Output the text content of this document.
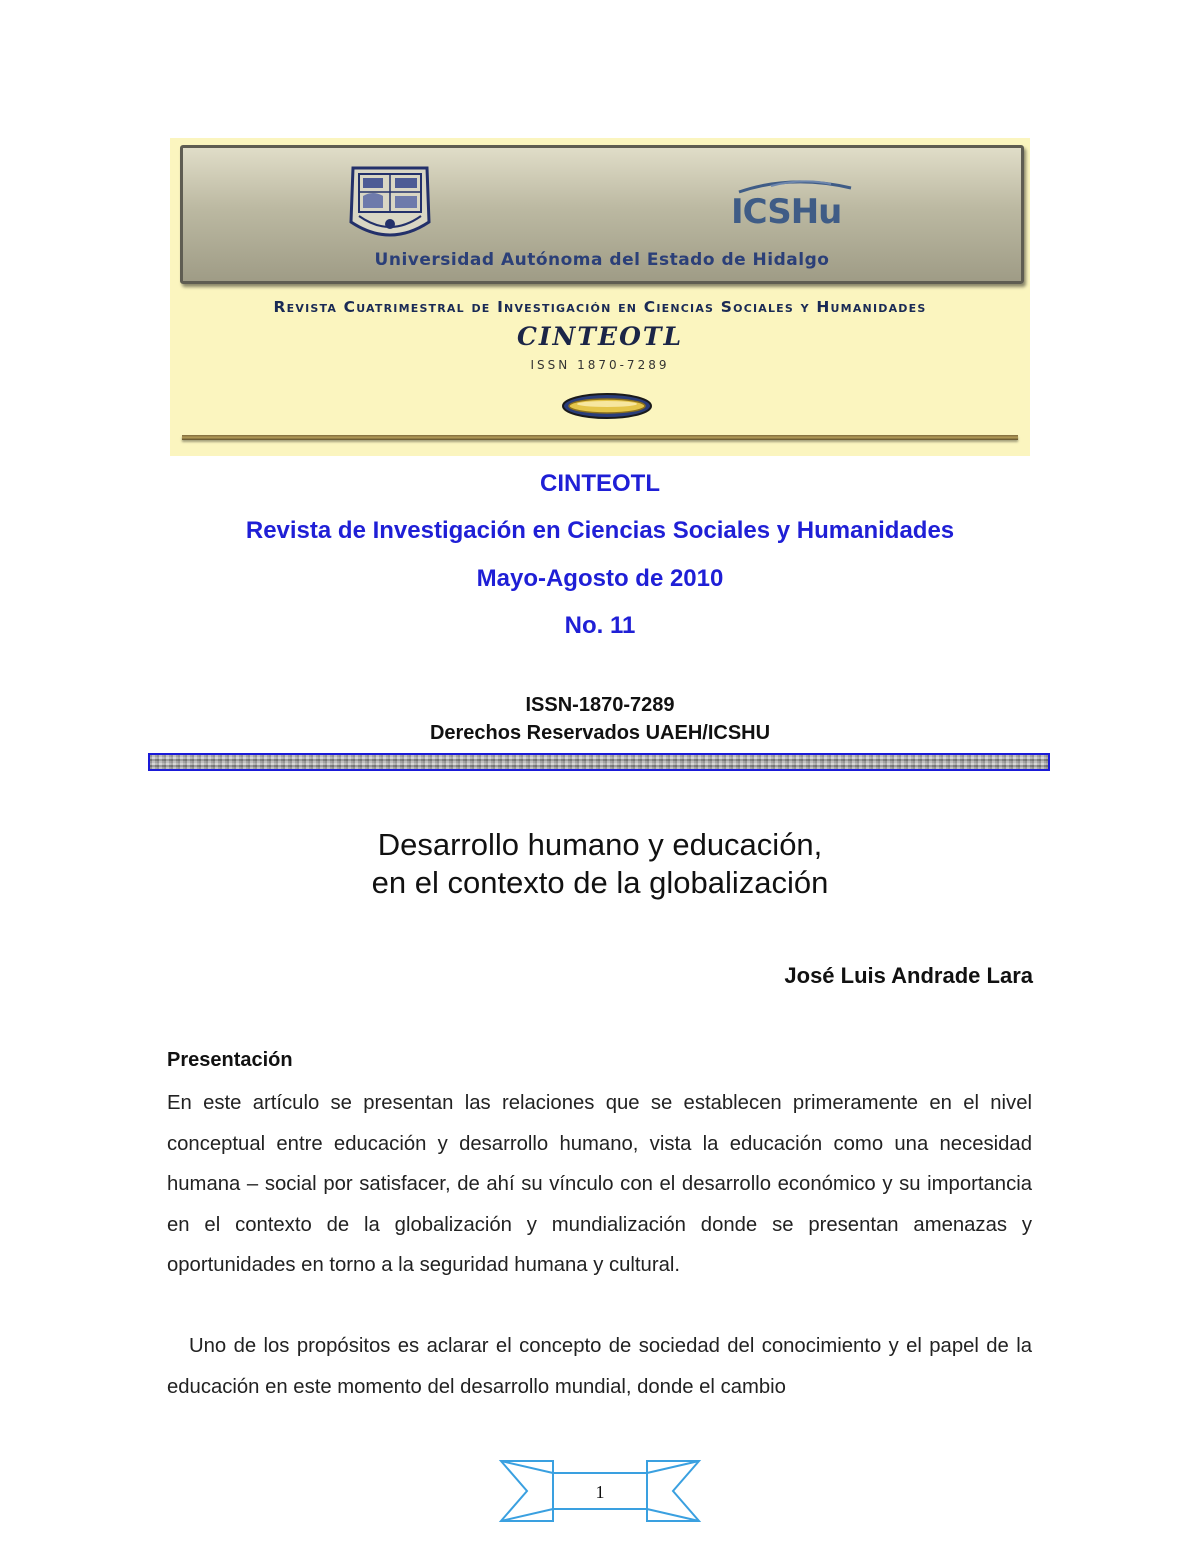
ICSHu
Universidad Autónoma del Estado de Hidalgo
Revista Cuatrimestral de Investigación en Ciencias Sociales y Humanidades
CINTEOTL
ISSN 1870-7289
CINTEOTL
Revista de Investigación en Ciencias Sociales y Humanidades
Mayo-Agosto de 2010
No. 11
ISSN-1870-7289
Derechos Reservados UAEH/ICSHU
Desarrollo humano y educación,
en el contexto de la globalización
José Luis Andrade Lara
Presentación

En este artículo se presentan las relaciones que se establecen primeramente en el nivel conceptual entre educación y desarrollo humano, vista la educación como una necesidad humana – social por satisfacer, de ahí su vínculo con el desarrollo económico y su importancia en el contexto de la globalización y mundialización donde se presentan amenazas y oportunidades en torno a la seguridad humana y cultural.

Uno de los propósitos es aclarar el concepto de sociedad del conocimiento y el papel de la educación en este momento del desarrollo mundial, donde el cambio

1
